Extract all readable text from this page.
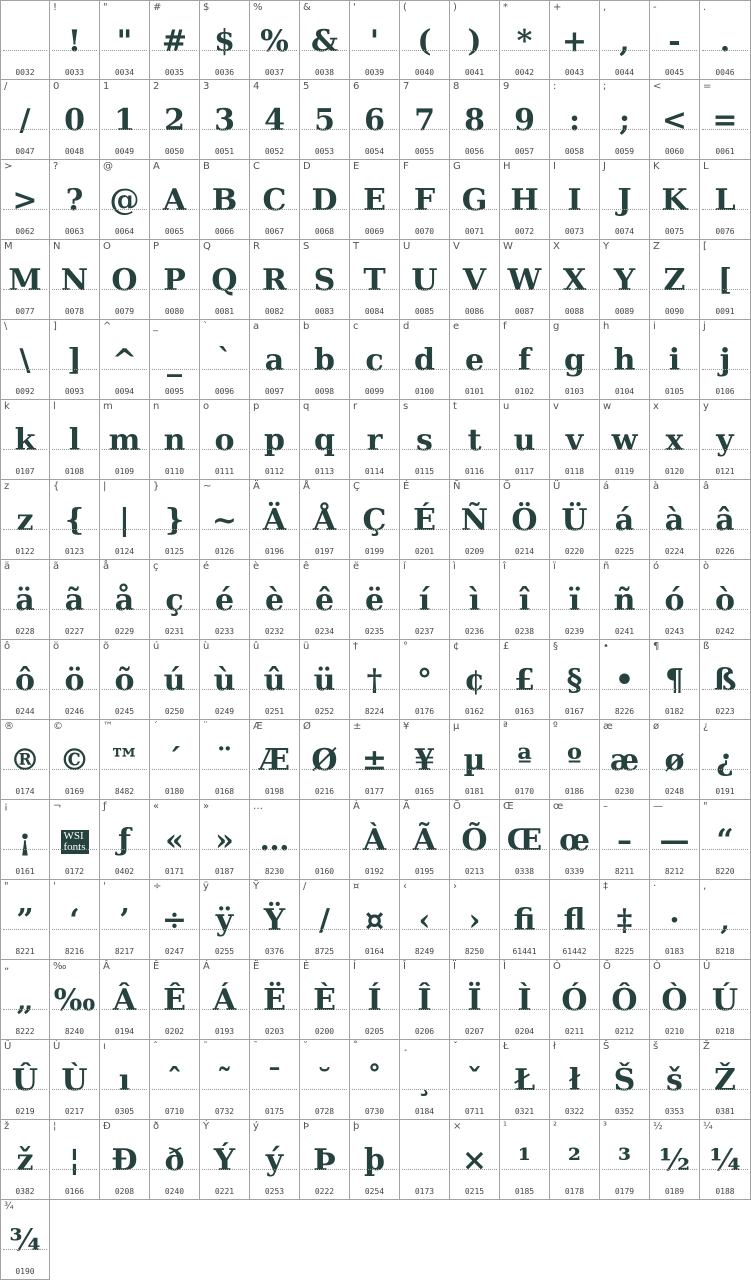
0032
!
!
0033
"
"
0034
#
#
0035
$
$
0036
%
%
0037
&
&
0038
'
'
0039
(
(
0040
)
)
0041
*
*
0042
+
+
0043
,
,
0044
-
-
0045
.
.
0046
/
/
0047
0
0
0048
1
1
0049
2
2
0050
3
3
0051
4
4
0052
5
5
0053
6
6
0054
7
7
0055
8
8
0056
9
9
0057
:
:
0058
;
;
0059
<
<
0060
=
=
0061
>
>
0062
?
?
0063
@
@
0064
A
A
0065
B
B
0066
C
C
0067
D
D
0068
E
E
0069
F
F
0070
G
G
0071
H
H
0072
I
I
0073
J
J
0074
K
K
0075
L
L
0076
M
M
0077
N
N
0078
O
O
0079
P
P
0080
Q
Q
0081
R
R
0082
S
S
0083
T
T
0084
U
U
0085
V
V
0086
W
W
0087
X
X
0088
Y
Y
0089
Z
Z
0090
[
[
0091
\
\
0092
]
]
0093
^
^
0094
_
_
0095
`
`
0096
a
a
0097
b
b
0098
c
c
0099
d
d
0100
e
e
0101
f
f
0102
g
g
0103
h
h
0104
i
i
0105
j
j
0106
k
k
0107
l
l
0108
m
m
0109
n
n
0110
o
o
0111
p
p
0112
q
q
0113
r
r
0114
s
s
0115
t
t
0116
u
u
0117
v
v
0118
w
w
0119
x
x
0120
y
y
0121
z
z
0122
{
{
0123
|
|
0124
}
}
0125
~
~
0126
Ä
Ä
0196
Å
Å
0197
Ç
Ç
0199
É
É
0201
Ñ
Ñ
0209
Ö
Ö
0214
Ü
Ü
0220
á
á
0225
à
à
0224
â
â
0226
ä
ä
0228
ã
ã
0227
å
å
0229
ç
ç
0231
é
é
0233
è
è
0232
ê
ê
0234
ë
ë
0235
í
í
0237
ì
ì
0236
î
î
0238
ï
ï
0239
ñ
ñ
0241
ó
ó
0243
ò
ò
0242
ô
ô
0244
ö
ö
0246
õ
õ
0245
ú
ú
0250
ù
ù
0249
û
û
0251
ü
ü
0252
†
†
8224
°
°
0176
¢
¢
0162
£
£
0163
§
§
0167
•
•
8226
¶
¶
0182
ß
ß
0223
®
®
0174
©
©
0169
™
™
8482
´
´
0180
¨
¨
0168
Æ
Æ
0198
Ø
Ø
0216
±
±
0177
¥
¥
0165
µ
µ
0181
ª
ª
0170
º
º
0186
æ
æ
0230
ø
ø
0248
¿
¿
0191
¡
¡
0161
¬
WSI
fonts
0172
ƒ
ƒ
0402
«
«
0171
»
»
0187
…
…
8230	0160
À
À
0192
Ã
Ã
0195
Õ
Õ
0213
Œ
Œ
0338
œ
œ
0339
–
–
8211
—
—
8212
"
“
8220
"
”
8221
'
‘
8216
'
’
8217
÷
÷
0247
ÿ
ÿ
0255
Ÿ
Ÿ
0376
/
∕
8725
¤
¤
0164
‹
‹
8249
›
›
8250
ﬁ
61441
ﬂ
61442
‡
‡
8225
·
·
0183
‚
‚
8218
„
„
8222
‰
‰
8240
Â
Â
0194
Ê
Ê
0202
Á
Á
0193
Ë
Ë
0203
È
È
0200
Í
Í
0205
Î
Î
0206
Ï
Ï
0207
Ì
Ì
0204
Ó
Ó
0211
Ô
Ô
0212
Ò
Ò
0210
Ú
Ú
0218
Û
Û
0219
Ù
Ù
0217
ı
ı
0305
ˆ
ˆ
0710
˜
˜
0732
¯
¯
0175
˘
˘
0728
˚
˚
0730
¸
¸
0184
ˇ
ˇ
0711
Ł
Ł
0321
ł
ł
0322
Š
Š
0352
š
š
0353
Ž
Ž
0381
ž
ž
0382
¦
¦
0166
Ð
Ð
0208
ð
ð
0240
Ý
Ý
0221
ý
ý
0253
Þ
Þ
0222
þ
þ
0254	0173
×
×
0215
¹
¹
0185
²
²
0178
³
³
0179
½
½
0189
¼
¼
0188
¾
¾
0190
